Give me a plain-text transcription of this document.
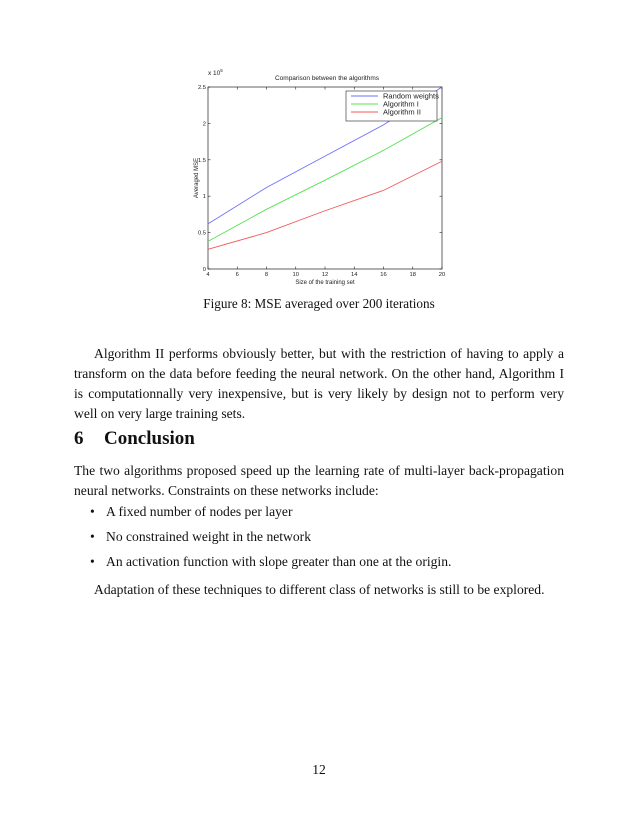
Comparison between the algorithms
x $10^5$
4	6	8	10	12	14	16	18	20
0
0.5
1
1.5
2
2.5
Size of the training set
Averaged MSE
Random weights
Algorithm I
Algorithm II
Figure 8: MSE averaged over 200 iterations

Algorithm II performs obviously better, but with the restriction of having to apply a transform on the data before feeding the neural network. On the other hand, Algorithm I is computationnally very inexpensive, but is very likely by design not to perform very well on very large training sets.

6 Conclusion

The two algorithms proposed speed up the learning rate of multi-layer back-propagation neural networks. Constraints on these networks include:

• A fixed number of nodes per layer
• No constrained weight in the network
• An activation function with slope greater than one at the origin.

Adaptation of these techniques to different class of networks is still to be explored.

12
